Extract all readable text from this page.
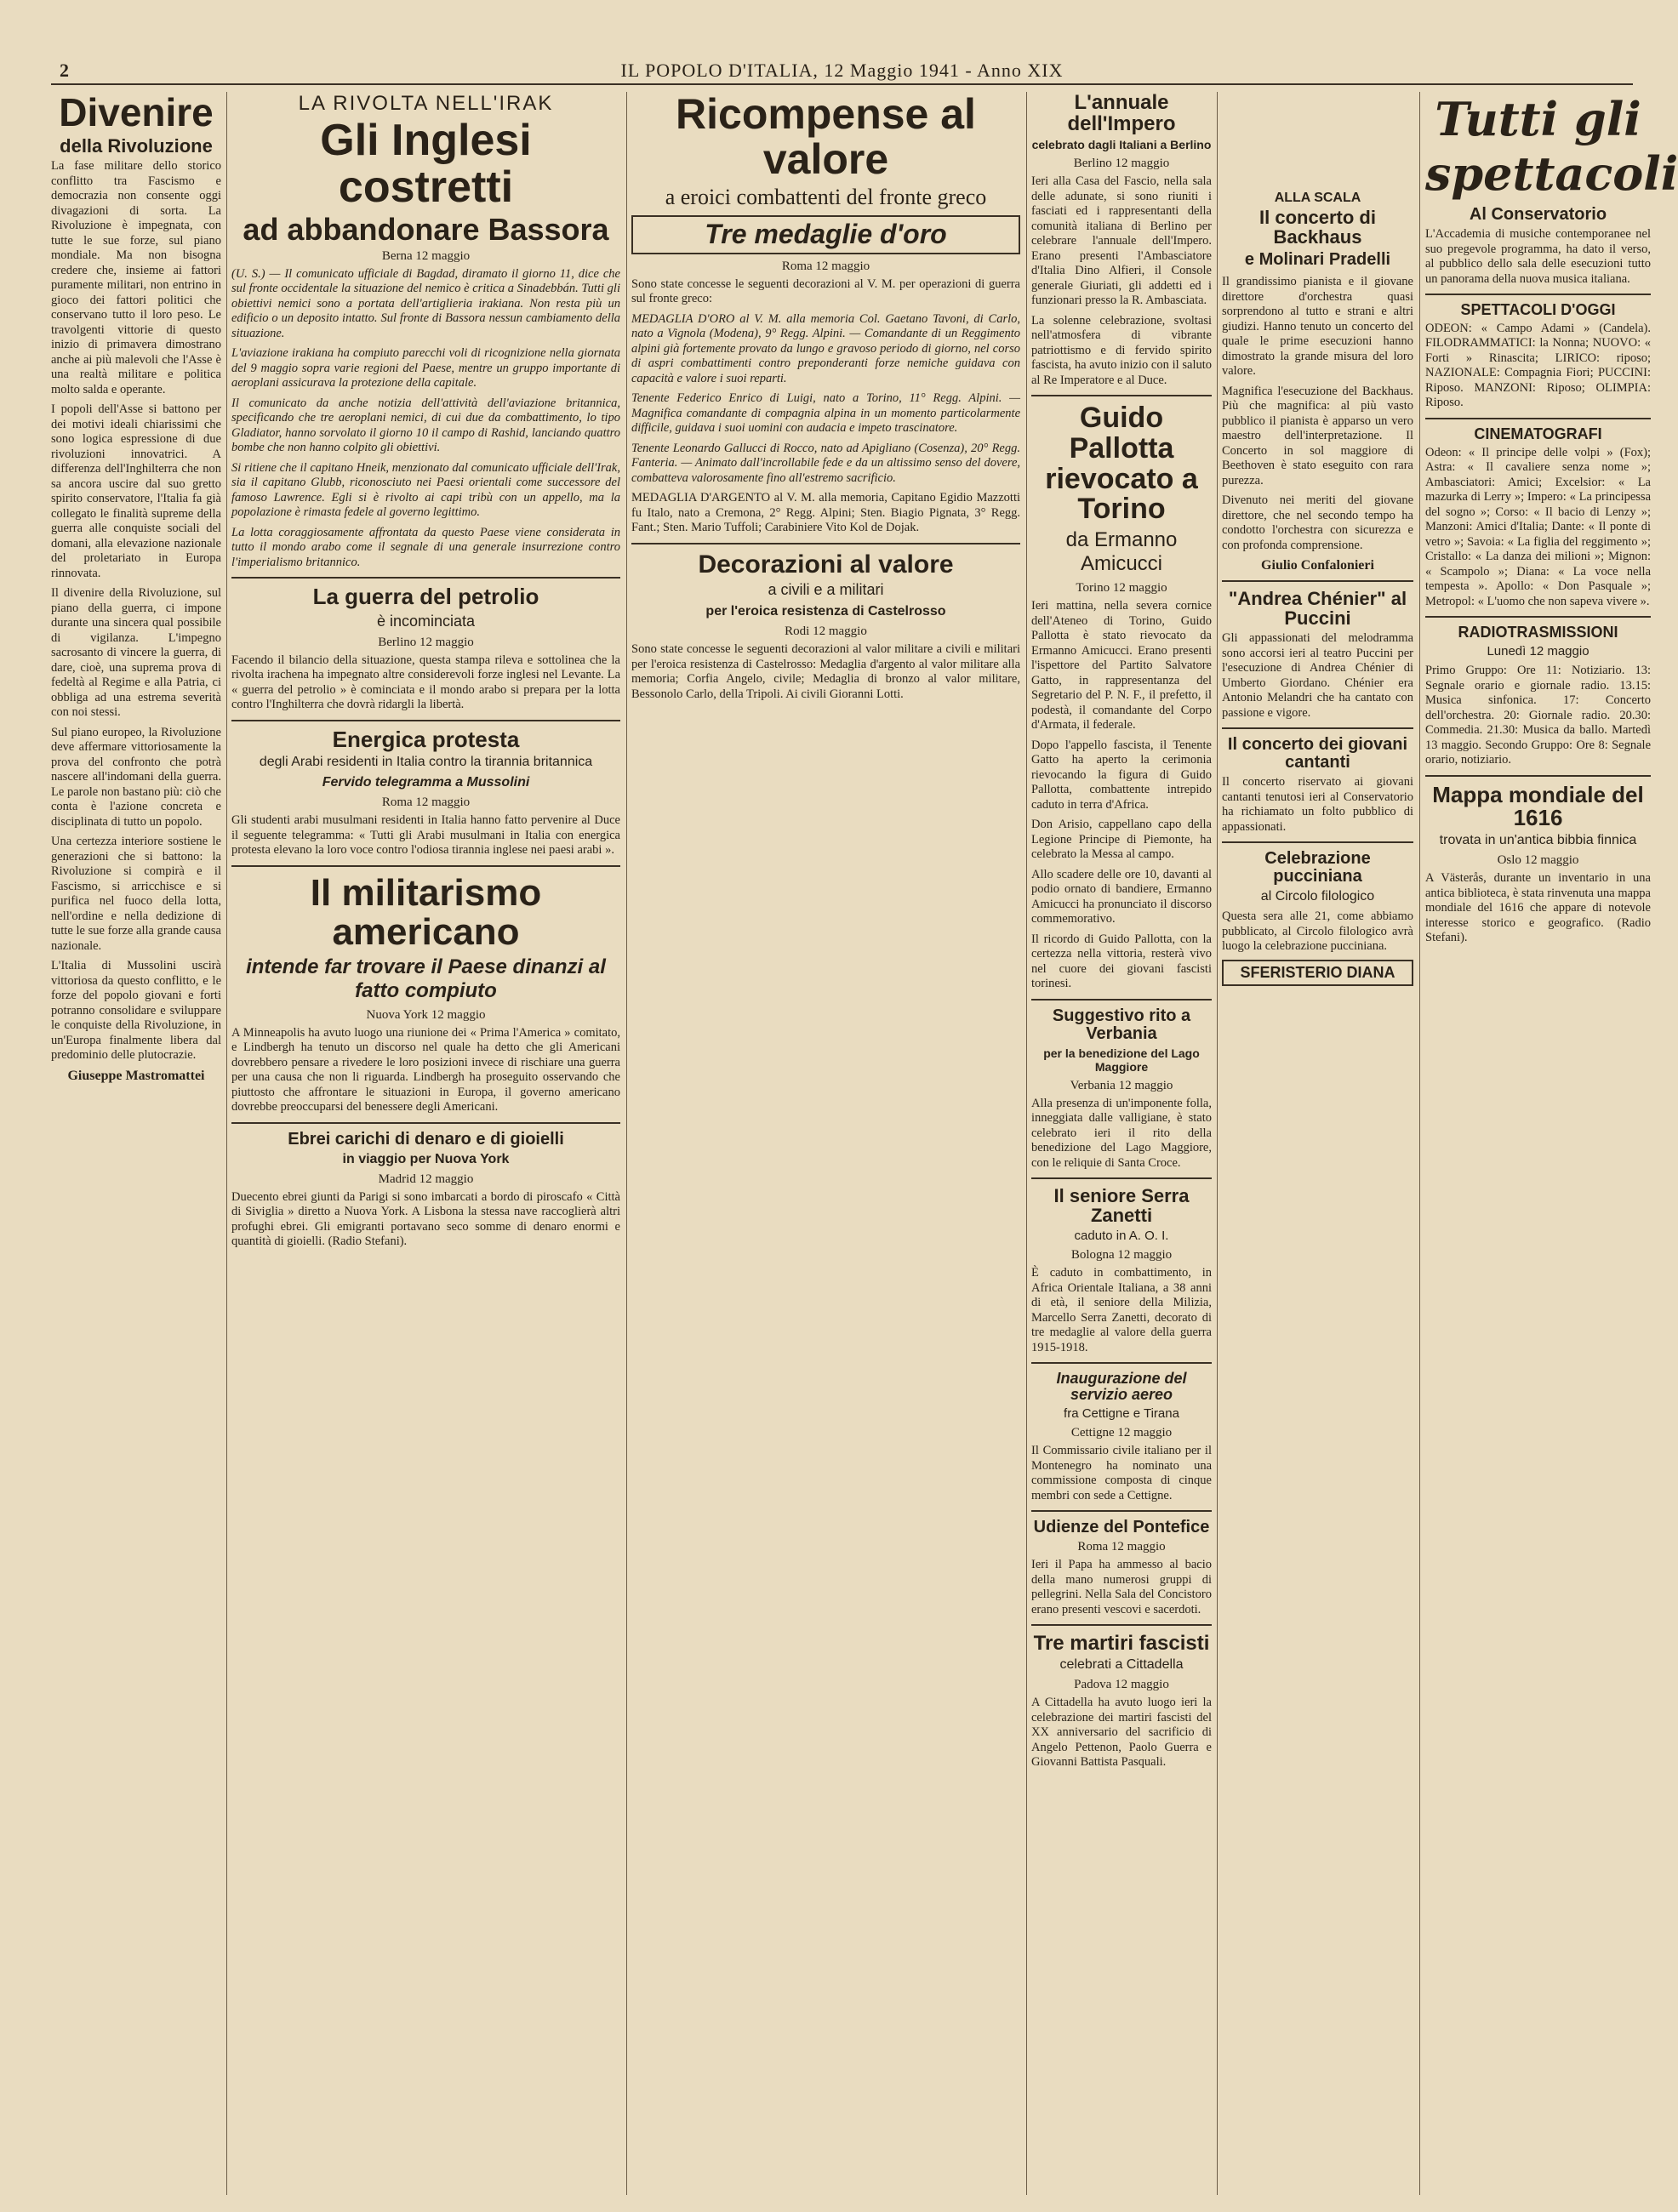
2	IL POPOLO D'ITALIA, 12 Maggio 1941 - Anno XIX
Divenire
della Rivoluzione

La fase militare dello storico conflitto tra Fascismo e democrazia non consente oggi divagazioni di sorta. La Rivoluzione è impegnata, con tutte le sue forze, sul piano mondiale. Ma non bisogna credere che, insieme ai fattori puramente militari, non entrino in gioco dei fattori politici che conservano tutto il loro peso. Le travolgenti vittorie di questo inizio di primavera dimostrano anche ai più malevoli che l'Asse è una realtà militare e politica molto salda e operante.

I popoli dell'Asse si battono per dei motivi ideali chiarissimi che sono logica espressione di due rivoluzioni innovatrici. A differenza dell'Inghilterra che non sa ancora uscire dal suo gretto spirito conservatore, l'Italia fa già collegato le finalità supreme della guerra alle conquiste sociali del domani, alla elevazione nazionale del proletariato in Europa rinnovata.

Il divenire della Rivoluzione, sul piano della guerra, ci impone durante una sincera qual possibile di vigilanza. L'impegno sacrosanto di vincere la guerra, di dare, cioè, una suprema prova di fedeltà al Regime e alla Patria, ci obbliga ad una estrema severità con noi stessi.

Sul piano europeo, la Rivoluzione deve affermare vittoriosamente la prova del confronto che potrà nascere all'indomani della guerra. Le parole non bastano più: ciò che conta è l'azione concreta e disciplinata di tutto un popolo.

Una certezza interiore sostiene le generazioni che si battono: la Rivoluzione si compirà e il Fascismo, si arricchisce e si purifica nel fuoco della lotta, nell'ordine e nella dedizione di tutte le sue forze alla grande causa nazionale.

L'Italia di Mussolini uscirà vittoriosa da questo conflitto, e le forze del popolo giovani e forti potranno consolidare e sviluppare le conquiste della Rivoluzione, in un'Europa finalmente libera dal predominio delle plutocrazie.

Giuseppe Mastromattei

LA RIVOLTA NELL'IRAK

Gli Inglesi costretti
ad abbandonare Bassora

Berna 12 maggio

(U. S.) — Il comunicato ufficiale di Bagdad, diramato il giorno 11, dice che sul fronte occidentale la situazione del nemico è critica a Sinadebbán. Tutti gli obiettivi nemici sono a portata dell'artiglieria irakiana. Non resta più un edificio o un deposito intatto. Sul fronte di Bassora nessun cambiamento della situazione.

L'aviazione irakiana ha compiuto parecchi voli di ricognizione nella giornata del 9 maggio sopra varie regioni del Paese, mentre un gruppo importante di aeroplani assicurava la protezione della capitale.

Il comunicato da anche notizia dell'attività dell'aviazione britannica, specificando che tre aeroplani nemici, di cui due da combattimento, lo tipo Gladiator, hanno sorvolato il giorno 10 il campo di Rashid, lanciando quattro bombe che non hanno colpito gli obiettivi.

Si ritiene che il capitano Hneik, menzionato dal comunicato ufficiale dell'Irak, sia il capitano Glubb, riconosciuto nei Paesi orientali come successore del famoso Lawrence. Egli si è rivolto ai capi tribù con un appello, ma la popolazione è rimasta fedele al governo legittimo.

La lotta coraggiosamente affrontata da questo Paese viene considerata in tutto il mondo arabo come il segnale di una generale insurrezione contro l'imperialismo britannico.

La guerra del petrolio

è incominciata

Berlino 12 maggio

Facendo il bilancio della situazione, questa stampa rileva e sottolinea che la rivolta irachena ha impegnato altre considerevoli forze inglesi nel Levante. La « guerra del petrolio » è cominciata e il mondo arabo si prepara per la lotta contro l'Inghilterra che dovrà ridargli la libertà.

Energica protesta

degli Arabi residenti in Italia contro la tirannia britannica

Fervido telegramma a Mussolini

Roma 12 maggio

Gli studenti arabi musulmani residenti in Italia hanno fatto pervenire al Duce il seguente telegramma: « Tutti gli Arabi musulmani in Italia con energica protesta elevano la loro voce contro l'odiosa tirannia inglese nei paesi arabi ».

Il militarismo americano

intende far trovare il Paese dinanzi al fatto compiuto

Nuova York 12 maggio

A Minneapolis ha avuto luogo una riunione dei « Prima l'America » comitato, e Lindbergh ha tenuto un discorso nel quale ha detto che gli Americani dovrebbero pensare a rivedere le loro posizioni invece di rischiare una guerra per una causa che non li riguarda. Lindbergh ha proseguito osservando che piuttosto che affrontare le situazioni in Europa, il governo americano dovrebbe preoccuparsi del benessere degli Americani.

Ebrei carichi di denaro e di gioielli

in viaggio per Nuova York

Madrid 12 maggio

Duecento ebrei giunti da Parigi si sono imbarcati a bordo di piroscafo « Città di Siviglia » diretto a Nuova York. A Lisbona la stessa nave raccoglierà altri profughi ebrei. Gli emigranti portavano seco somme di denaro enormi e quantità di gioielli. (Radio Stefani).

Ricompense al valore

a eroici combattenti del fronte greco

Tre medaglie d'oro

Roma 12 maggio

Sono state concesse le seguenti decorazioni al V. M. per operazioni di guerra sul fronte greco:

MEDAGLIA D'ORO al V. M. alla memoria Col. Gaetano Tavoni, di Carlo, nato a Vignola (Modena), 9° Regg. Alpini. — Comandante di un Reggimento alpini già fortemente provato da lungo e gravoso periodo di giorno, nel corso di aspri combattimenti contro preponderanti forze nemiche guidava con capacità e valore i suoi reparti.

Tenente Federico Enrico di Luigi, nato a Torino, 11° Regg. Alpini. — Magnifica comandante di compagnia alpina in un momento particolarmente difficile, guidava i suoi uomini con audacia e impeto trascinatore.

Tenente Leonardo Gallucci di Rocco, nato ad Apigliano (Cosenza), 20° Regg. Fanteria. — Animato dall'incrollabile fede e da un altissimo senso del dovere, combatteva valorosamente fino all'estremo sacrificio.

MEDAGLIA D'ARGENTO al V. M. alla memoria, Capitano Egidio Mazzotti fu Italo, nato a Cremona, 2° Regg. Alpini; Sten. Biagio Pignata, 3° Regg. Fant.; Sten. Mario Tuffoli; Carabiniere Vito Kol de Dojak.

Decorazioni al valore

a civili e a militari

per l'eroica resistenza di Castelrosso

Rodi 12 maggio

Sono state concesse le seguenti decorazioni al valor militare a civili e militari per l'eroica resistenza di Castelrosso: Medaglia d'argento al valor militare alla memoria; Corfia Angelo, civile; Medaglia di bronzo al valor militare, Bessonolo Carlo, della Tripoli. Ai civili Gioranni Lotti.

L'annuale dell'Impero

celebrato dagli Italiani a Berlino

Berlino 12 maggio

Ieri alla Casa del Fascio, nella sala delle adunate, si sono riuniti i fasciati ed i rappresentanti della comunità italiana di Berlino per celebrare l'annuale dell'Impero. Erano presenti l'Ambasciatore d'Italia Dino Alfieri, il Console generale Giuriati, gli addetti ed i funzionari presso la R. Ambasciata.

La solenne celebrazione, svoltasi nell'atmosfera di vibrante patriottismo e di fervido spirito fascista, ha avuto inizio con il saluto al Re Imperatore e al Duce.

Guido Pallotta rievocato a Torino

da Ermanno Amicucci

Torino 12 maggio

Ieri mattina, nella severa cornice dell'Ateneo di Torino, Guido Pallotta è stato rievocato da Ermanno Amicucci. Erano presenti l'ispettore del Partito Salvatore Gatto, in rappresentanza del Segretario del P. N. F., il prefetto, il podestà, il comandante del Corpo d'Armata, il federale.

Dopo l'appello fascista, il Tenente Gatto ha aperto la cerimonia rievocando la figura di Guido Pallotta, combattente intrepido caduto in terra d'Africa.

Don Arisio, cappellano capo della Legione Principe di Piemonte, ha celebrato la Messa al campo.

Allo scadere delle ore 10, davanti al podio ornato di bandiere, Ermanno Amicucci ha pronunciato il discorso commemorativo.

Il ricordo di Guido Pallotta, con la certezza nella vittoria, resterà vivo nel cuore dei giovani fascisti torinesi.

Suggestivo rito a Verbania

per la benedizione del Lago Maggiore

Verbania 12 maggio

Alla presenza di un'imponente folla, inneggiata dalle valligiane, è stato celebrato ieri il rito della benedizione del Lago Maggiore, con le reliquie di Santa Croce.

Il seniore Serra Zanetti

caduto in A. O. I.

Bologna 12 maggio

È caduto in combattimento, in Africa Orientale Italiana, a 38 anni di età, il seniore della Milizia, Marcello Serra Zanetti, decorato di tre medaglie al valore della guerra 1915-1918.

Inaugurazione del servizio aereo

fra Cettigne e Tirana

Cettigne 12 maggio

Il Commissario civile italiano per il Montenegro ha nominato una commissione composta di cinque membri con sede a Cettigne.

Udienze del Pontefice

Roma 12 maggio

Ieri il Papa ha ammesso al bacio della mano numerosi gruppi di pellegrini. Nella Sala del Concistoro erano presenti vescovi e sacerdoti.

Tre martiri fascisti

celebrati a Cittadella

Padova 12 maggio

A Cittadella ha avuto luogo ieri la celebrazione dei martiri fascisti del XX anniversario del sacrificio di Angelo Pettenon, Paolo Guerra e Giovanni Battista Pasquali.

ALLA SCALA

Il concerto di Backhaus

e Molinari Pradelli

Il grandissimo pianista e il giovane direttore d'orchestra quasi sorprendono al tutto e strani e altri giudizi. Hanno tenuto un concerto del quale le prime esecuzioni hanno dimostrato la grande misura del loro valore.

Magnifica l'esecuzione del Backhaus. Più che magnifica: al più vasto pubblico il pianista è apparso un vero maestro dell'interpretazione. Il Concerto in sol maggiore di Beethoven è stato eseguito con rara purezza.

Divenuto nei meriti del giovane direttore, che nel secondo tempo ha condotto l'orchestra con sicurezza e con profonda comprensione.

Giulio Confalonieri

"Andrea Chénier" al Puccini

Gli appassionati del melodramma sono accorsi ieri al teatro Puccini per l'esecuzione di Andrea Chénier di Umberto Giordano. Chénier era Antonio Melandri che ha cantato con passione e vigore.

Il concerto dei giovani cantanti

Il concerto riservato ai giovani cantanti tenutosi ieri al Conservatorio ha richiamato un folto pubblico di appassionati.

Celebrazione pucciniana

al Circolo filologico

Questa sera alle 21, come abbiamo pubblicato, al Circolo filologico avrà luogo la celebrazione pucciniana.

SFERISTERIO DIANA

Tutti gli spettacoli
Al Conservatorio

L'Accademia di musiche contemporanee nel suo pregevole programma, ha dato il verso, al pubblico dello sala delle esecuzioni tutto un panorama della nuova musica italiana.

SPETTACOLI D'OGGI

ODEON: « Campo Adami » (Candela). FILODRAMMATICI: la Nonna; NUOVO: « Forti » Rinascita; LIRICO: riposo; NAZIONALE: Compagnia Fiori; PUCCINI: Riposo. MANZONI: Riposo; OLIMPIA: Riposo.

CINEMATOGRAFI

Odeon: « Il principe delle volpi » (Fox); Astra: « Il cavaliere senza nome »; Ambasciatori: Amici; Excelsior: « La mazurka di Lerry »; Impero: « La principessa del sogno »; Corso: « Il bacio di Lenzy »; Manzoni: Amici d'Italia; Dante: « Il ponte di vetro »; Savoia: « La figlia del reggimento »; Cristallo: « La danza dei milioni »; Mignon: « Scampolo »; Diana: « La voce nella tempesta ». Apollo: « Don Pasquale »; Metropol: « L'uomo che non sapeva vivere ».

RADIOTRASMISSIONI

Lunedì 12 maggio

Primo Gruppo: Ore 11: Notiziario. 13: Segnale orario e giornale radio. 13.15: Musica sinfonica. 17: Concerto dell'orchestra. 20: Giornale radio. 20.30: Commedia. 21.30: Musica da ballo. Martedì 13 maggio. Secondo Gruppo: Ore 8: Segnale orario, notiziario.

Mappa mondiale del 1616

trovata in un'antica bibbia finnica

Oslo 12 maggio

A Västerås, durante un inventario in una antica biblioteca, è stata rinvenuta una mappa mondiale del 1616 che appare di notevole interesse storico e geografico. (Radio Stefani).
